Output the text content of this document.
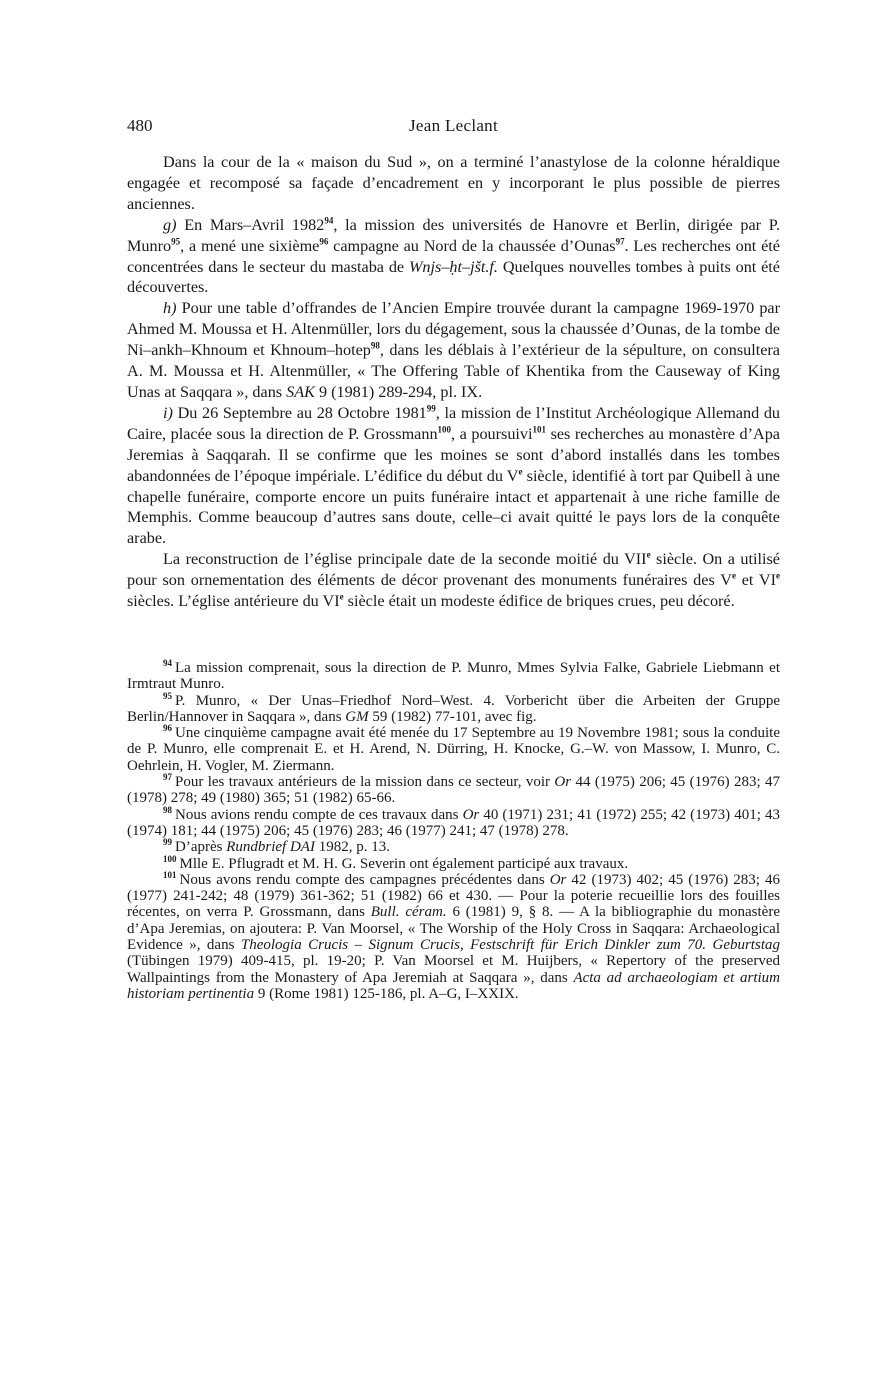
480	Jean Leclant

Dans la cour de la « maison du Sud », on a terminé l’anastylose de la colonne héraldique engagée et recomposé sa façade d’encadrement en y incorporant le plus possible de pierres anciennes.

g) En Mars–Avril 1982$^{94}$, la mission des universités de Hanovre et Berlin, dirigée par P. Munro$^{95}$, a mené une sixième$^{96}$ campagne au Nord de la chaussée d’Ounas$^{97}$. Les recherches ont été concentrées dans le secteur du mastaba de Wnjs–ḥt–jšt.f. Quelques nouvelles tombes à puits ont été découvertes.

h) Pour une table d’offrandes de l’Ancien Empire trouvée durant la campagne 1969-1970 par Ahmed M. Moussa et H. Altenmüller, lors du dégagement, sous la chaussée d’Ounas, de la tombe de Ni–ankh–Khnoum et Khnoum–hotep$^{98}$, dans les déblais à l’extérieur de la sépulture, on consultera A. M. Moussa et H. Altenmüller, « The Offering Table of Khentika from the Causeway of King Unas at Saqqara », dans SAK 9 (1981) 289-294, pl. IX.

i) Du 26 Septembre au 28 Octobre 1981$^{99}$, la mission de l’Institut Archéologique Allemand du Caire, placée sous la direction de P. Grossmann$^{100}$, a poursuivi$^{101}$ ses recherches au monastère d’Apa Jeremias à Saqqarah. Il se confirme que les moines se sont d’abord installés dans les tombes abandonnées de l’époque impériale. L’édifice du début du Ve siècle, identifié à tort par Quibell à une chapelle funéraire, comporte encore un puits funéraire intact et appartenait à une riche famille de Memphis. Comme beaucoup d’autres sans doute, celle–ci avait quitté le pays lors de la conquête arabe.

La reconstruction de l’église principale date de la seconde moitié du VIIe siècle. On a utilisé pour son ornementation des éléments de décor provenant des monuments funéraires des Ve et VIe siècles. L’église antérieure du VIe siècle était un modeste édifice de briques crues, peu décoré.

$^{94}$ La mission comprenait, sous la direction de P. Munro, Mmes Sylvia Falke, Gabriele Liebmann et Irmtraut Munro.

$^{95}$ P. Munro, « Der Unas–Friedhof Nord–West. 4. Vorbericht über die Arbeiten der Gruppe Berlin/Hannover in Saqqara », dans GM 59 (1982) 77-101, avec fig.

$^{96}$ Une cinquième campagne avait été menée du 17 Septembre au 19 Novembre 1981; sous la conduite de P. Munro, elle comprenait E. et H. Arend, N. Dürring, H. Knocke, G.–W. von Massow, I. Munro, C. Oehrlein, H. Vogler, M. Ziermann.

$^{97}$ Pour les travaux antérieurs de la mission dans ce secteur, voir Or 44 (1975) 206; 45 (1976) 283; 47 (1978) 278; 49 (1980) 365; 51 (1982) 65-66.

$^{98}$ Nous avions rendu compte de ces travaux dans Or 40 (1971) 231; 41 (1972) 255; 42 (1973) 401; 43 (1974) 181; 44 (1975) 206; 45 (1976) 283; 46 (1977) 241; 47 (1978) 278.

$^{99}$ D’après Rundbrief DAI 1982, p. 13.

$^{100}$ Mlle E. Pflugradt et M. H. G. Severin ont également participé aux travaux.

$^{101}$ Nous avons rendu compte des campagnes précédentes dans Or 42 (1973) 402; 45 (1976) 283; 46 (1977) 241-242; 48 (1979) 361-362; 51 (1982) 66 et 430. — Pour la poterie recueillie lors des fouilles récentes, on verra P. Grossmann, dans Bull. céram. 6 (1981) 9, § 8. — A la bibliographie du monastère d’Apa Jeremias, on ajoutera: P. Van Moorsel, « The Worship of the Holy Cross in Saqqara: Archaeological Evidence », dans Theologia Crucis – Signum Crucis, Festschrift für Erich Dinkler zum 70. Geburtstag (Tübingen 1979) 409-415, pl. 19-20; P. Van Moorsel et M. Huijbers, « Repertory of the preserved Wallpaintings from the Monastery of Apa Jeremiah at Saqqara », dans Acta ad archaeologiam et artium historiam pertinentia 9 (Rome 1981) 125-186, pl. A–G, I–XXIX.
